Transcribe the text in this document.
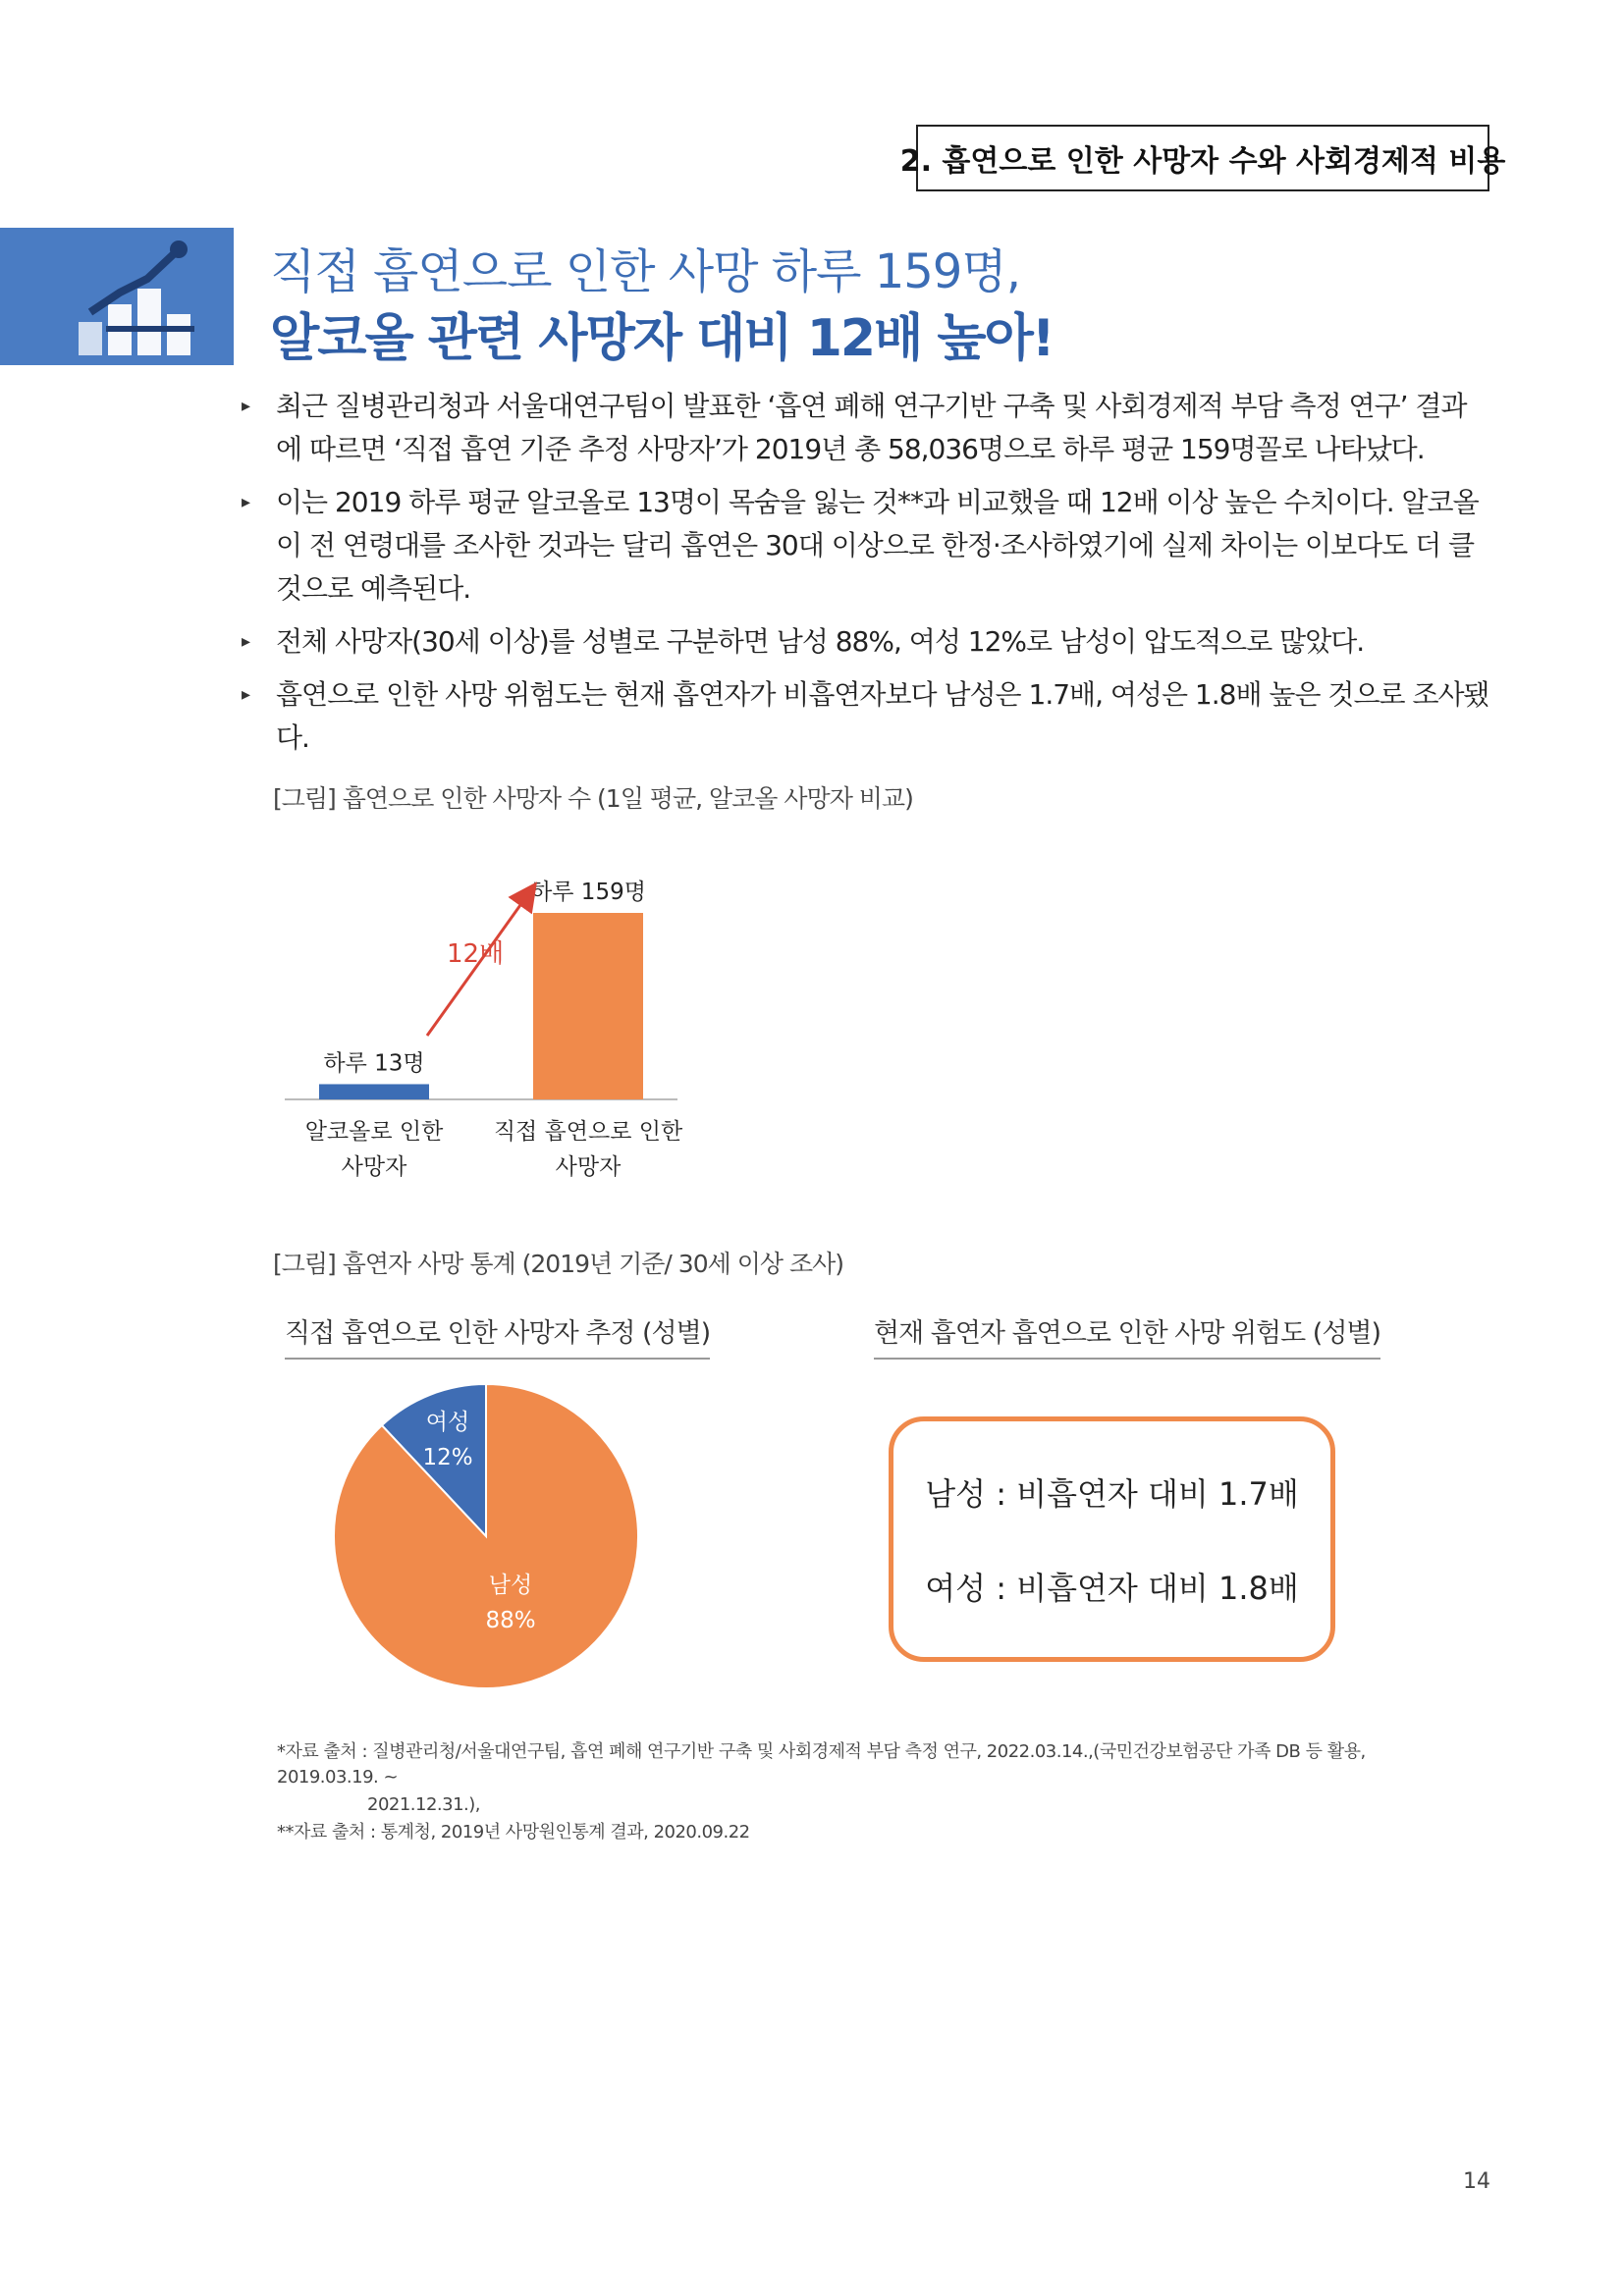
2. 흡연으로 인한 사망자 수와 사회경제적 비용
직접 흡연으로 인한 사망 하루 159명,
알코올 관련 사망자 대비 12배 높아!
▸ 최근 질병관리청과 서울대연구팀이 발표한 ‘흡연 폐해 연구기반 구축 및 사회경제적 부담 측정 연구’ 결과에 따르면 ‘직접 흡연 기준 추정 사망자’가 2019년 총 58,036명으로 하루 평균 159명꼴로 나타났다.
▸ 이는 2019 하루 평균 알코올로 13명이 목숨을 잃는 것**과 비교했을 때 12배 이상 높은 수치이다. 알코올이 전 연령대를 조사한 것과는 달리 흡연은 30대 이상으로 한정·조사하였기에 실제 차이는 이보다도 더 클 것으로 예측된다.
▸ 전체 사망자(30세 이상)를 성별로 구분하면 남성 88%, 여성 12%로 남성이 압도적으로 많았다.
▸ 흡연으로 인한 사망 위험도는 현재 흡연자가 비흡연자보다 남성은 1.7배, 여성은 1.8배 높은 것으로 조사됐다.
[그림] 흡연으로 인한 사망자 수 (1일 평균, 알코올 사망자 비교)
하루 13명
하루 159명
12배
알코올로 인한
사망자
직접 흡연으로 인한
사망자
[그림] 흡연자 사망 통계 (2019년 기준/ 30세 이상 조사)
직접 흡연으로 인한 사망자 추정 (성별)	현재 흡연자 흡연으로 인한 사망 위험도 (성별)
여성
12%
남성
88%
남성 : 비흡연자 대비 1.7배
여성 : 비흡연자 대비 1.8배
*자료 출처 : 질병관리청/서울대연구팀, 흡연 폐해 연구기반 구축 및 사회경제적 부담 측정 연구, 2022.03.14.,(국민건강보험공단 가족 DB 등 활용, 2019.03.19. ~
2021.12.31.),
**자료 출처 : 통계청, 2019년 사망원인통계 결과, 2020.09.22
14
